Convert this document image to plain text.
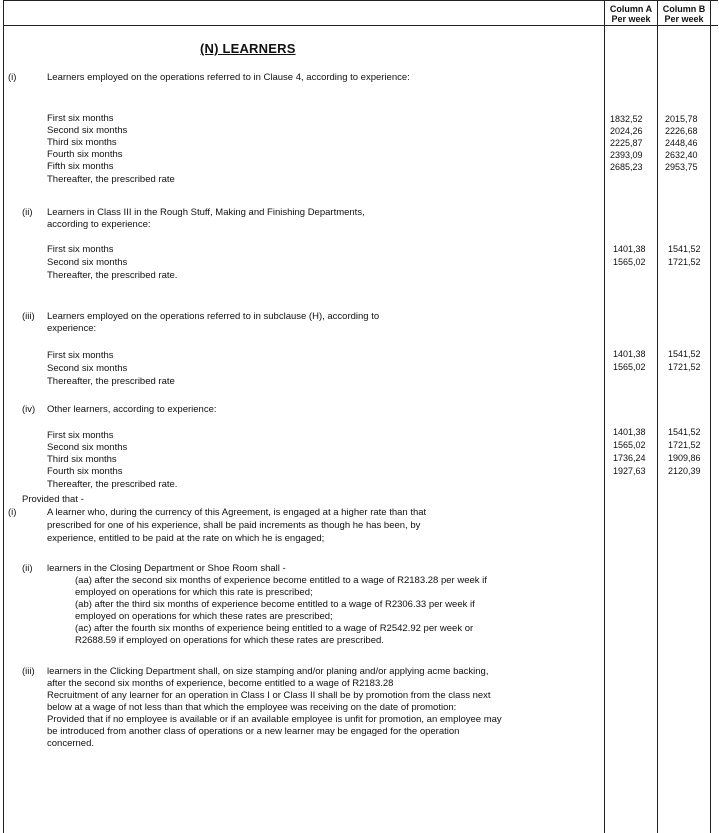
Column A
Per week
Column B
Per week
(N) LEARNERS
(i)	Learners employed on the operations referred to in Clause 4, according to experience:
First six months
Second six months
Third six months
Fourth six months
Fifth six months
Thereafter, the prescribed rate
1832,52
2024,26
2225,87
2393,09
2685,23
2015,78
2226,68
2448,46
2632,40
2953,75
(ii) Learners in Class III in the Rough Stuff, Making and Finishing Departments,
according to experience:
First six months
Second six months
Thereafter, the prescribed rate.
1401,38
1565,02
1541,52
1721,52
(iii) Learners employed on the operations referred to in subclause (H), according to
experience:
First six months
Second six months
Thereafter, the prescribed rate
1401,38
1565,02
1541,52
1721,52
(iv) Other learners, according to experience:
First six months
Second six months
Third six months
Fourth six months
Thereafter, the prescribed rate.
1401,38
1565,02
1736,24
1927,63
1541,52
1721,52
1909,86
2120,39
Provided that -
(i)	A learner who, during the currency of this Agreement, is engaged at a higher rate than that
prescribed for one of his experience, shall be paid increments as though he has been, by
experience, entitled to be paid at the rate on which he is engaged;
(ii) learners in the Closing Department or Shoe Room shall -
(aa) after the second six months of experience become entitled to a wage of R2183.28 per week if
employed on operations for which this rate is prescribed;
(ab) after the third six months of experience become entitled to a wage of R2306.33 per week if
employed on operations for which these rates are prescribed;
(ac) after the fourth six months of experience being entitled to a wage of R2542.92 per week or
R2688.59 if employed on operations for which these rates are prescribed.
(iii) learners in the Clicking Department shall, on size stamping and/or planing and/or applying acme backing,
after the second six months of experience, become entitled to a wage of R2183.28
Recruitment of any learner for an operation in Class I or Class II shall be by promotion from the class next
below at a wage of not less than that which the employee was receiving on the date of promotion:
Provided that if no employee is available or if an available employee is unfit for promotion, an employee may
be introduced from another class of operations or a new learner may be engaged for the operation
concerned.
